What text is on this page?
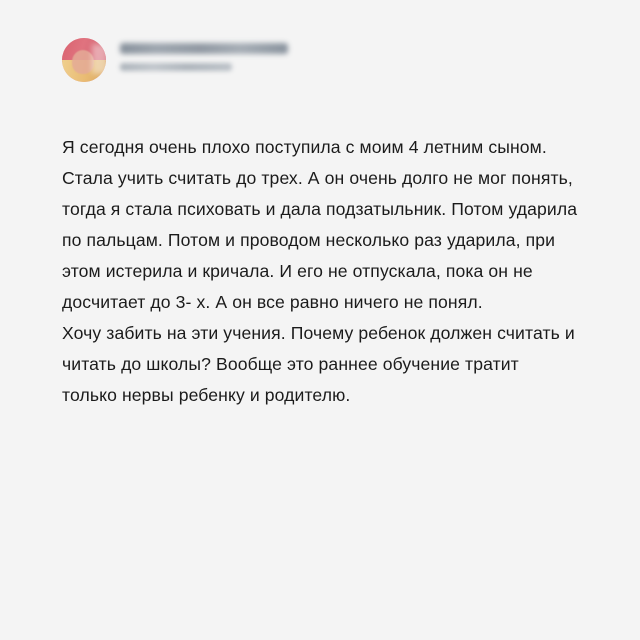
Я сегодня очень плохо поступила с моим 4 летним сыном. Стала учить считать до трех. А он очень долго не мог понять, тогда я стала психовать и дала подзатыльник. Потом ударила по пальцам. Потом и проводом несколько раз ударила, при этом истерила и кричала. И его не отпускала, пока он не досчитает до 3- х. А он все равно ничего не понял.

Хочу забить на эти учения. Почему ребенок должен считать и читать до школы? Вообще это раннее обучение тратит только нервы ребенку и родителю.
